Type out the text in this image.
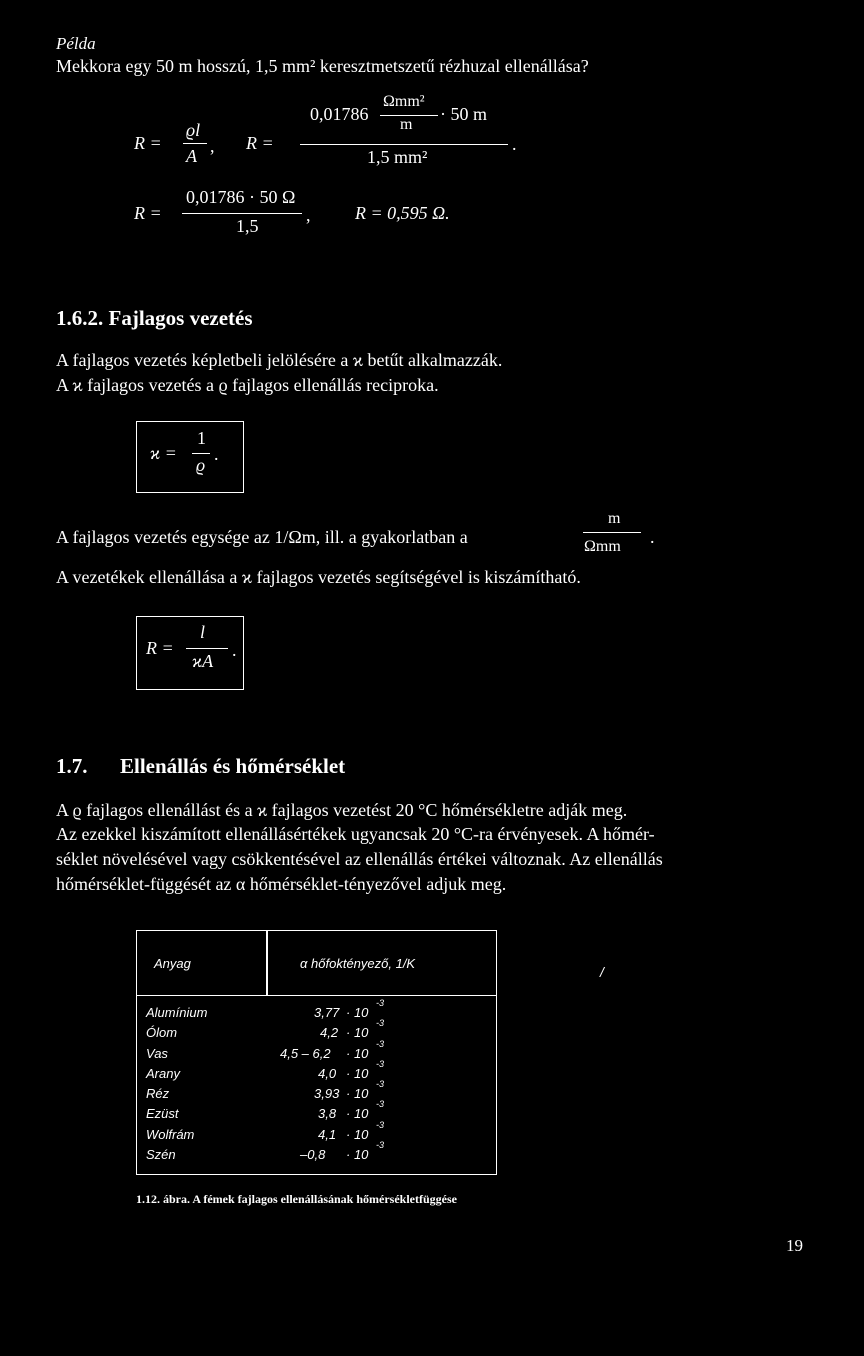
Példa
Mekkora egy 50 m hosszú, 1,5 mm² keresztmetszetű rézhuzal ellenállása?
R =
ϱl
A , R =
Ωmm²
m
0,01786	· 50 m
1,5 mm²
.
R =
0,01786 · 50 Ω
1,5
, R = 0,595 Ω.
1.6.2. Fajlagos vezetés
A fajlagos vezetés képletbeli jelölésére a ϰ betűt alkalmazzák.
A ϰ fajlagos vezetés a ϱ fajlagos ellenállás reciproka.
ϰ =
1
ϱ
.
A fajlagos vezetés egysége az 1/Ωm, ill. a gyakorlatban a
m
Ωmm .
A vezetékek ellenállása a ϰ fajlagos vezetés segítségével is kiszámítható.
R =
l
ϰA
.
1.7. Ellenállás és hőmérséklet
A ϱ fajlagos ellenállást és a ϰ fajlagos vezetést 20 °C hőmérsékletre adják meg.
Az ezekkel kiszámított ellenállásértékek ugyancsak 20 °C-ra érvényesek. A hőmér-
séklet növelésével vagy csökkentésével az ellenállás értékei változnak. Az ellenállás
hőmérséklet-függését az α hőmérséklet-tényezővel adjuk meg.
Anyag	α hőfoktényező, 1/K
/
Alumínium	3,77 · 10
-3
Ólom	4,2 · 10
-3
Vas	4,5 – 6,2 · 10
-3
Arany	4,0 · 10
-3
Réz	3,93 · 10
-3
Ezüst	3,8 · 10
-3
Wolfrám	4,1 · 10
-3
Szén	–0,8 · 10
-3
1.12. ábra. A fémek fajlagos ellenállásának hőmérsékletfüggése
19
